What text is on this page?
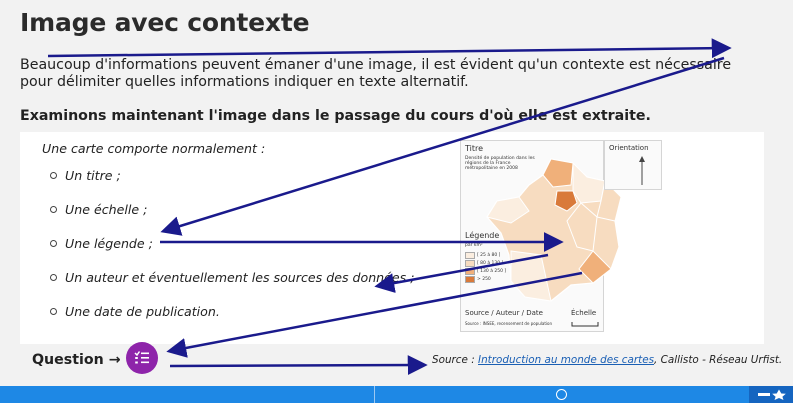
Image avec contexte
Beaucoup d'informations peuvent émaner d'une image, il est évident qu'un contexte est nécessaire pour délimiter quelles informations indiquer en texte alternatif.
Examinons maintenant l'image dans le passage du cours d'où elle est extraite.
Une carte comporte normalement :
Un titre ;
Une échelle ;
Une légende ;
Un auteur et éventuellement les sources des données ;
Une date de publication.
Titre
Densité de population dans les régions de la France métropolitaine en 2008
Légende
par km²
[ 25 à 80 ]
[ 80 à 130 ]
[ 130 à 250 ]
> 250
Source / Auteur / Date
Source : INSEE, recensement de population
Échelle
Orientation
Question →	Source : Introduction au monde des cartes, Callisto - Réseau Urfist.
